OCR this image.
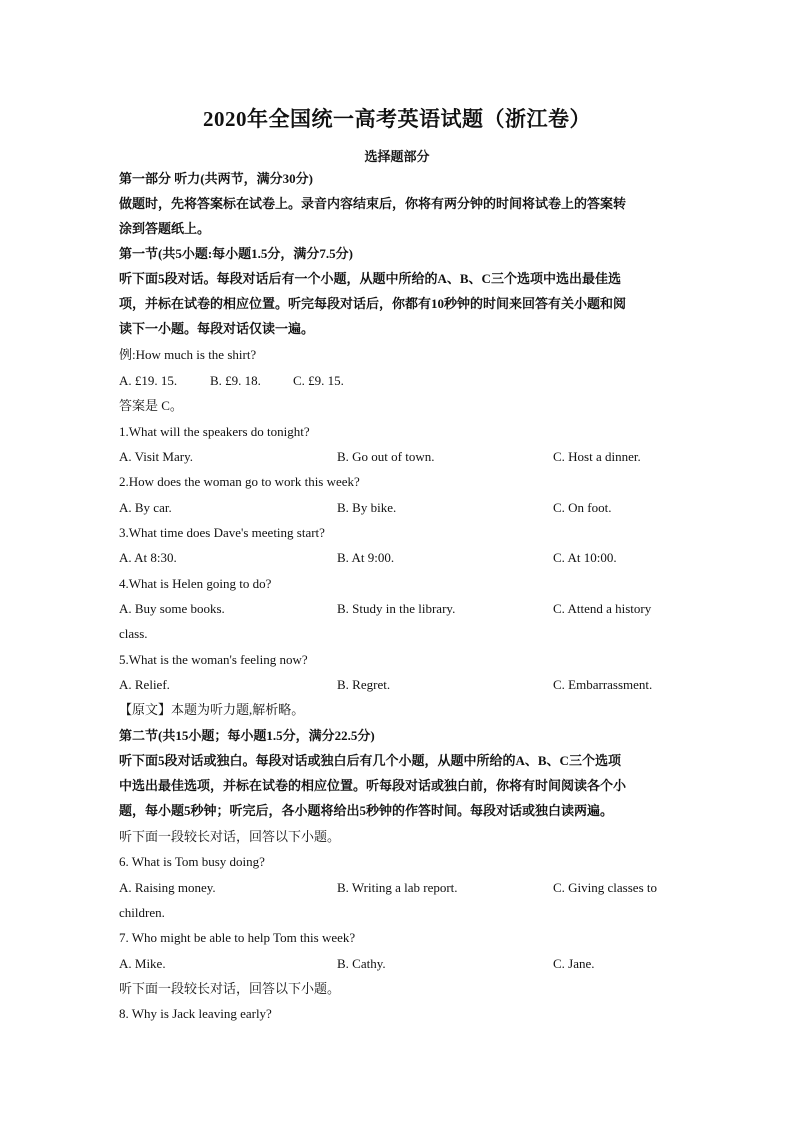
2020年全国统一高考英语试题（浙江卷）
选择题部分
第一部分 听力(共两节，满分30分)
做题时，先将答案标在试卷上。录音内容结束后，你将有两分钟的时间将试卷上的答案转
涂到答题纸上。
第一节(共5小题:每小题1.5分，满分7.5分)
听下面5段对话。每段对话后有一个小题，从题中所给的A、B、C三个选项中选出最佳选
项，并标在试卷的相应位置。听完每段对话后，你都有10秒钟的时间来回答有关小题和阅
读下一小题。每段对话仅读一遍。
例:How much is the shirt?
A. £19. 15.	B. £9. 18. C. £9. 15.
答案是 C。
1.What will the speakers do tonight?
A. Visit Mary.	B. Go out of town.	C. Host a dinner.
2.How does the woman go to work this week?
A. By car.	B. By bike.	C. On foot.
3.What time does Dave's meeting start?
A. At 8:30.	B. At 9:00.	C. At 10:00.
4.What is Helen going to do?
A. Buy some books.	B. Study in the library.	C. Attend a history
class.
5.What is the woman's feeling now?
A. Relief.	B. Regret.	C. Embarrassment.
【原文】本题为听力题,解析略。
第二节(共15小题；每小题1.5分，满分22.5分)
听下面5段对话或独白。每段对话或独白后有几个小题，从题中所给的A、B、C三个选项
中选出最佳选项，并标在试卷的相应位置。听每段对话或独白前，你将有时间阅读各个小
题，每小题5秒钟；听完后，各小题将给出5秒钟的作答时间。每段对话或独白读两遍。
听下面一段较长对话，回答以下小题。
6. What is Tom busy doing?
A. Raising money.	B. Writing a lab report.	C. Giving classes to
children.
7. Who might be able to help Tom this week?
A. Mike.	B. Cathy.	C. Jane.
听下面一段较长对话，回答以下小题。
8. Why is Jack leaving early?
